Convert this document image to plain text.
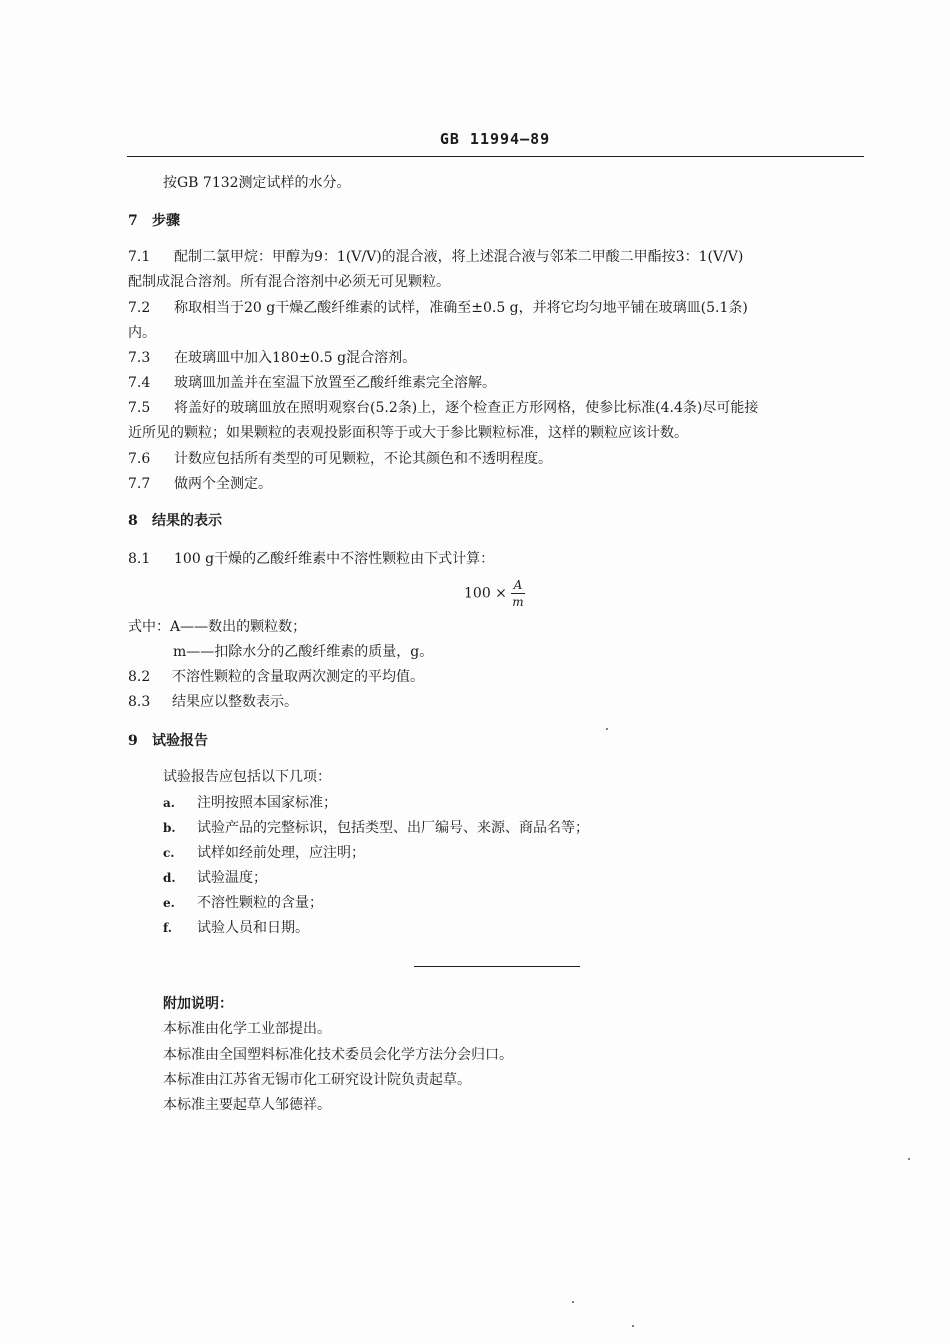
GB 11994—89
按GB 7132测定试样的水分。
7 步骤
7.1 配制二氯甲烷：甲醇为9：1(V/V)的混合液，将上述混合液与邻苯二甲酸二甲酯按3：1(V/V)
配制成混合溶剂。所有混合溶剂中必须无可见颗粒。
7.2 称取相当于20 g干燥乙酸纤维素的试样，准确至±0.5 g，并将它均匀地平铺在玻璃皿(5.1条)
内。
7.3 在玻璃皿中加入180±0.5 g混合溶剂。
7.4 玻璃皿加盖并在室温下放置至乙酸纤维素完全溶解。
7.5 将盖好的玻璃皿放在照明观察台(5.2条)上，逐个检查正方形网格，使参比标准(4.4条)尽可能接
近所见的颗粒；如果颗粒的表观投影面积等于或大于参比颗粒标准，这样的颗粒应该计数。
7.6 计数应包括所有类型的可见颗粒，不论其颜色和不透明程度。
7.7 做两个全测定。
8 结果的表示
8.1 100 g干燥的乙酸纤维素中不溶性颗粒由下式计算：
$100 \times \frac{A}{m}$
式中：A——数出的颗粒数；
m——扣除水分的乙酸纤维素的质量，g。
8.2 不溶性颗粒的含量取两次测定的平均值。
8.3 结果应以整数表示。
9 试验报告
试验报告应包括以下几项：
a. 注明按照本国家标准；
b. 试验产品的完整标识，包括类型、出厂编号、来源、商品名等；
c. 试样如经前处理，应注明；
d. 试验温度；
e. 不溶性颗粒的含量；
f. 试验人员和日期。
附加说明：
本标准由化学工业部提出。
本标准由全国塑料标准化技术委员会化学方法分会归口。
本标准由江苏省无锡市化工研究设计院负责起草。
本标准主要起草人邹德祥。
